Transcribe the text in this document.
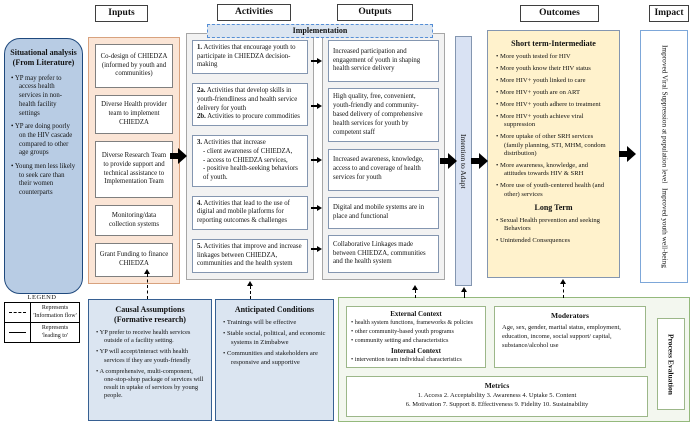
Inputs	Activities	Outputs	Outcomes	Impact
Implementation
Situational analysis (From Literature)
• YP may prefer to access health services in non-health facility settings
• YP are doing poorly on the HIV cascade compared to other age groups
• Young men less likely to seek care than their women counterparts
LEGEND
Represents 'Information flow'
Represents 'leading to'
Co-design of CHIEDZA (informed by youth and communities)
Diverse Health provider team to implement CHIEDZA
Diverse Research Team to provide support and technical assistance to Implementation Team
Monitoring/data collection systems
Grant Funding to finance CHIEDZA
1. Activities that encourage youth to participate in CHIEDZA decision-making
2a. Activities that develop skills in youth-friendliness and health service delivery for youth
2b. Activities to procure commodities
3. Activities that increase
- client awareness of CHIEDZA,
- access to CHIEDZA services,
- positive health-seeking behaviors of youth.
4. Activities that lead to the use of digital and mobile platforms for reporting outcomes & challenges
5. Activities that improve and increase linkages between CHIEDZA, communities and the health system
Increased participation and engagement of youth in shaping health service delivery
High quality, free, convenient, youth-friendly and community-based delivery of comprehensive health services for youth by competent staff
Increased awareness, knowledge, access to and coverage of health services for youth
Digital and mobile systems are in place and functional
Collaborative Linkages made between CHIEDZA, communities and the health system
Intention to Adapt
Short term-Intermediate
• More youth tested for HIV
• More youth know their HIV status
• More HIV+ youth linked to care
• More HIV+ youth are on ART
• More HIV+ youth adhere to treatment
• More HIV+ youth achieve viral suppression
• More uptake of other SRH services (family planning, STI, MHM, condom distribution)
• More awareness, knowledge, and attitudes towards HIV & SRH
• More use of youth-centered health (and other) services
Long Term
• Sexual Health prevention and seeking Behaviors
• Unintended Consequences
Improved Viral Suppression at population level
Improved youth well-being
Causal Assumptions
(Formative research)
• YP prefer to receive health services outside of a facility setting.
• YP will accept/interact with health services if they are youth-friendly
• A comprehensive, multi-component, one-stop-shop package of services will result in uptake of services by young people.
Anticipated Conditions
• Trainings will be effective
• Stable social, political, and economic systems in Zimbabwe
• Communities and stakeholders are responsive and supportive
External Context
• health system functions, frameworks & policies
• other community-based youth programs
• community setting and characteristics
Internal Context
• intervention team individual characteristics
Moderators
Age, sex, gender, marital status, employment, education, income, social support/ capital, substance/alcohol use
Metrics
1. Access 2. Acceptability 3. Awareness 4. Uptake 5. Content
6. Motivation 7. Support 8. Effectiveness 9. Fidelity 10. Sustainability
Process Evaluation
